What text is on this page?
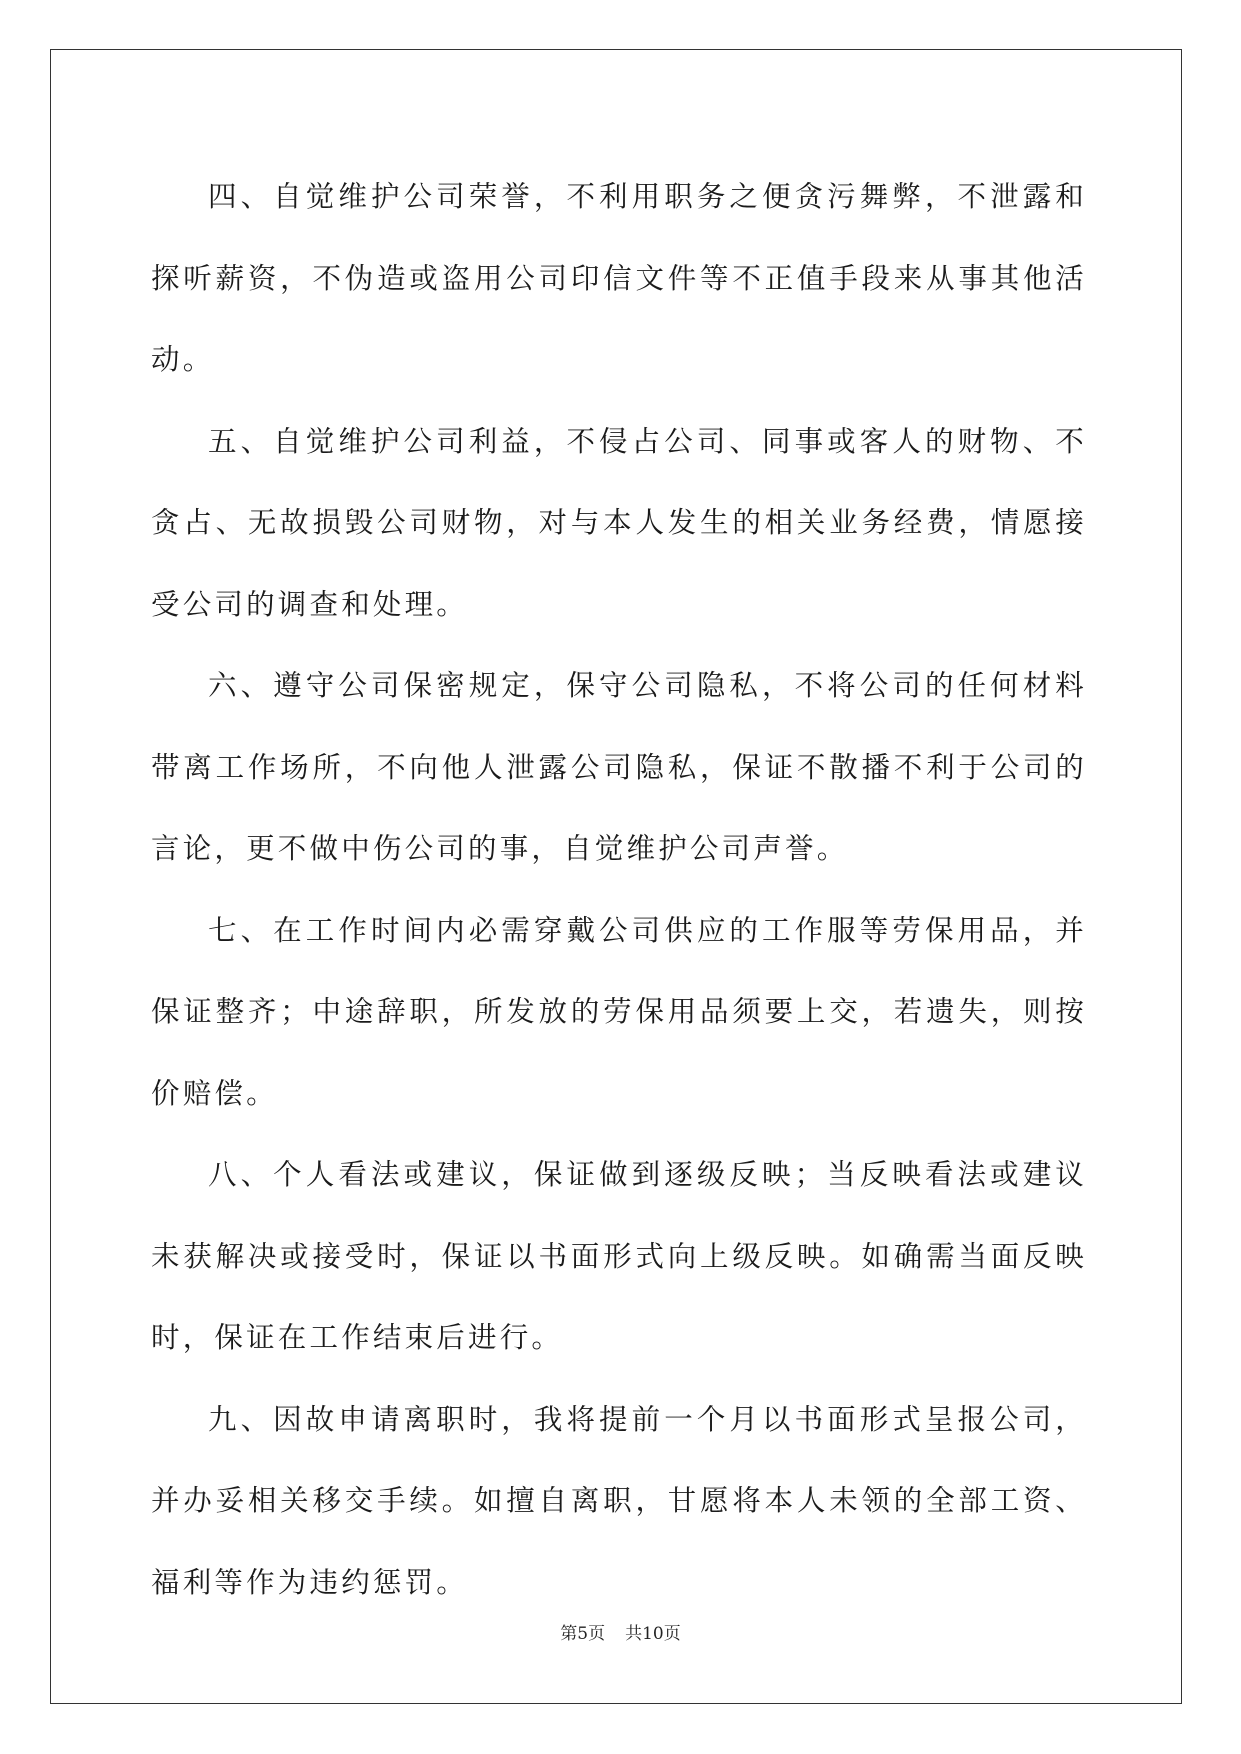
四、自觉维护公司荣誉，不利用职务之便贪污舞弊，不泄露和探听薪资，不伪造或盗用公司印信文件等不正值手段来从事其他活动。

五、自觉维护公司利益，不侵占公司、同事或客人的财物、不贪占、无故损毁公司财物，对与本人发生的相关业务经费，情愿接受公司的调查和处理。

六、遵守公司保密规定，保守公司隐私，不将公司的任何材料带离工作场所，不向他人泄露公司隐私，保证不散播不利于公司的言论，更不做中伤公司的事，自觉维护公司声誉。

七、在工作时间内必需穿戴公司供应的工作服等劳保用品，并保证整齐；中途辞职，所发放的劳保用品须要上交，若遗失，则按价赔偿。

八、个人看法或建议，保证做到逐级反映；当反映看法或建议未获解决或接受时，保证以书面形式向上级反映。如确需当面反映时，保证在工作结束后进行。

九、因故申请离职时，我将提前一个月以书面形式呈报公司，并办妥相关移交手续。如擅自离职，甘愿将本人未领的全部工资、福利等作为违约惩罚。

第5页 共10页
